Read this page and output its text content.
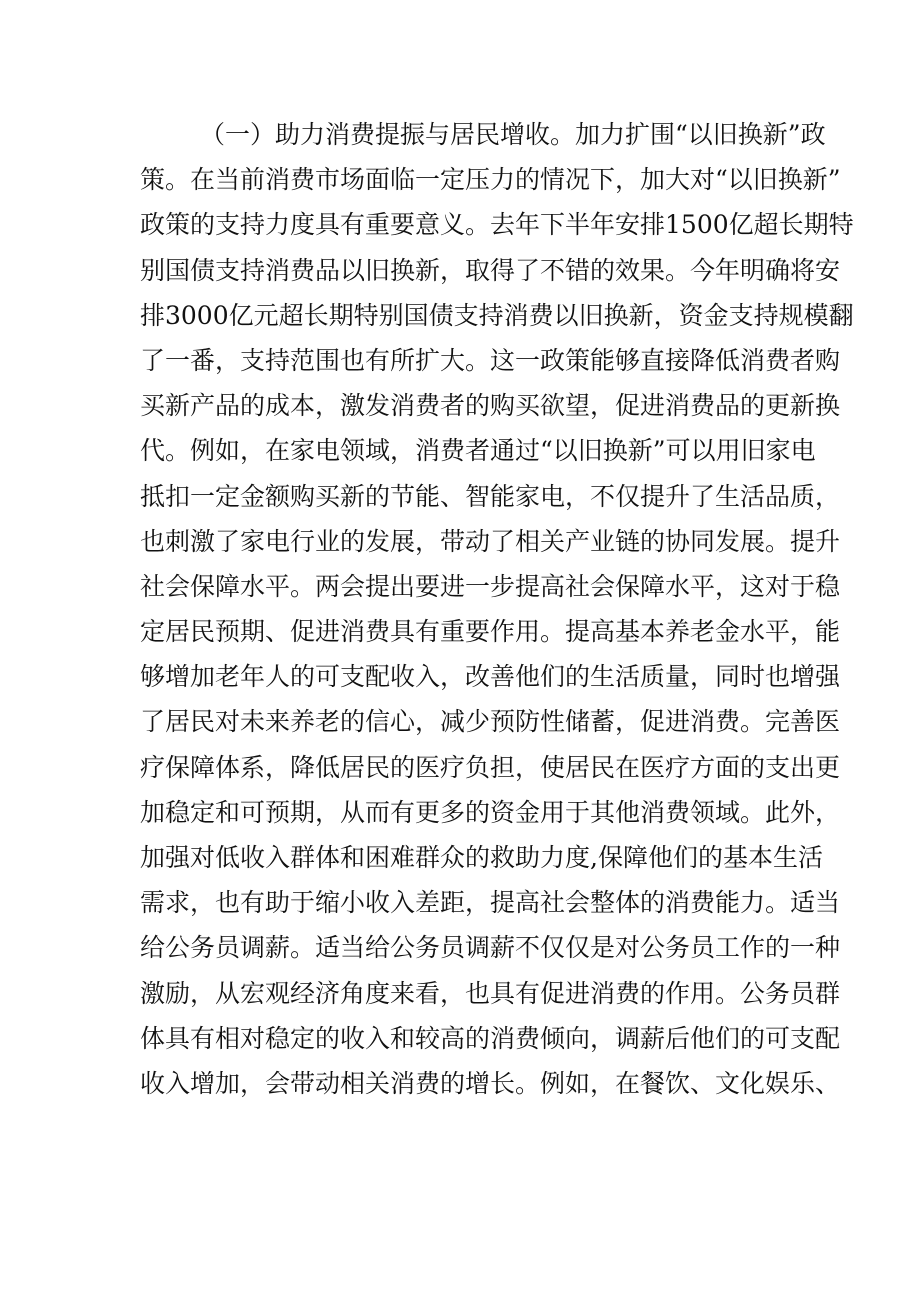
（一）助力消费提振与居民增收。加力扩围“以旧换新”政
策。在当前消费市场面临一定压力的情况下，加大对“以旧换新”
政策的支持力度具有重要意义。去年下半年安排1500亿超长期特
别国债支持消费品以旧换新，取得了不错的效果。今年明确将安
排3000亿元超长期特别国债支持消费以旧换新，资金支持规模翻
了一番，支持范围也有所扩大。这一政策能够直接降低消费者购
买新产品的成本，激发消费者的购买欲望，促进消费品的更新换
代。例如，在家电领域，消费者通过“以旧换新”可以用旧家电
抵扣一定金额购买新的节能、智能家电，不仅提升了生活品质，
也刺激了家电行业的发展，带动了相关产业链的协同发展。提升
社会保障水平。两会提出要进一步提高社会保障水平，这对于稳
定居民预期、促进消费具有重要作用。提高基本养老金水平，能
够增加老年人的可支配收入，改善他们的生活质量，同时也增强
了居民对未来养老的信心，减少预防性储蓄，促进消费。完善医
疗保障体系，降低居民的医疗负担，使居民在医疗方面的支出更
加稳定和可预期，从而有更多的资金用于其他消费领域。此外，
加强对低收入群体和困难群众的救助力度,保障他们的基本生活
需求，也有助于缩小收入差距，提高社会整体的消费能力。适当
给公务员调薪。适当给公务员调薪不仅仅是对公务员工作的一种
激励，从宏观经济角度来看，也具有促进消费的作用。公务员群
体具有相对稳定的收入和较高的消费倾向，调薪后他们的可支配
收入增加，会带动相关消费的增长。例如，在餐饮、文化娱乐、
